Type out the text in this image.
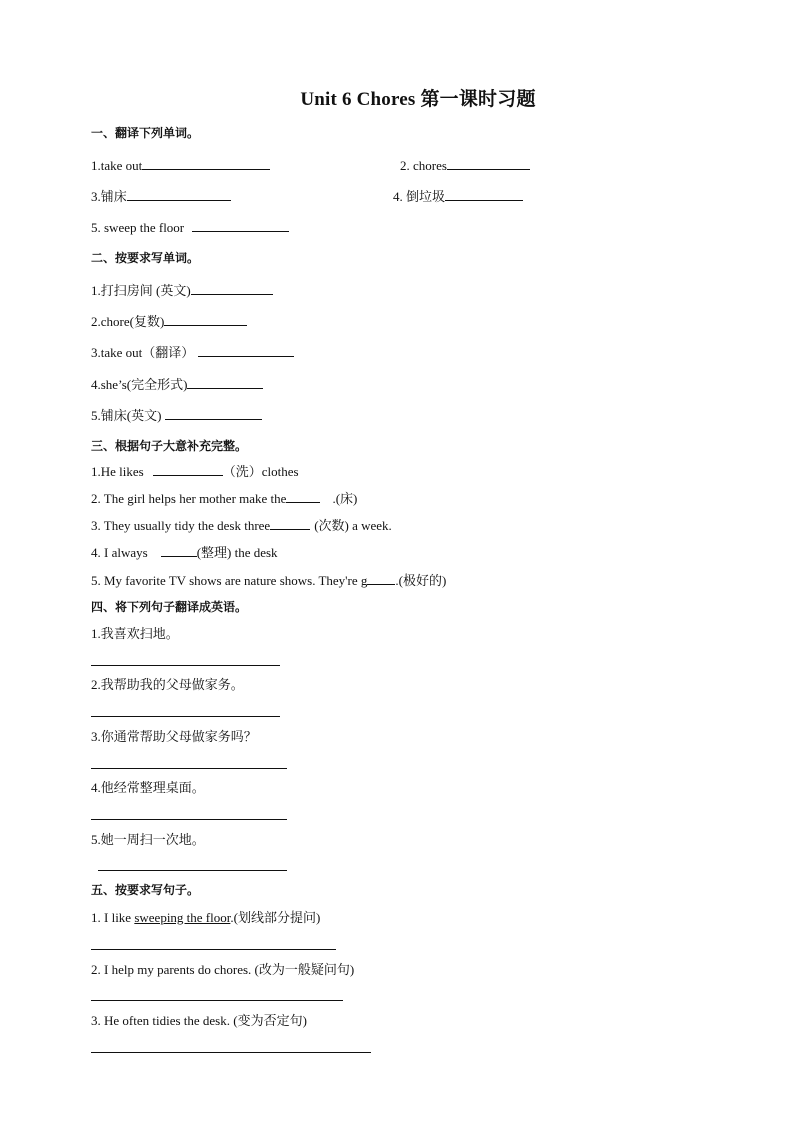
Unit 6 Chores 第一课时习题
一、翻译下列单词。
1.take out	2. chores
3.铺床	4. 倒垃圾
5. sweep the floor
二、按要求写单词。
1.打扫房间 (英文)
2.chore(复数)
3.take out（翻译）
4.she’s(完全形式)
5.铺床(英文)
三、根据句子大意补充完整。
1.He likes	（洗）clothes
2. The girl helps her mother make the	.(床)
3. They usually tidy the desk three	(次数) a week.
4. I always	(整理) the desk
5. My favorite TV shows are nature shows. They're g .(极好的)
四、将下列句子翻译成英语。
1.我喜欢扫地。
2.我帮助我的父母做家务。
3.你通常帮助父母做家务吗？
4.他经常整理桌面。
5.她一周扫一次地。
五、按要求写句子。
1. I like sweeping the floor.(划线部分提问)
2. I help my parents do chores. (改为一般疑问句)
3. He often tidies the desk. (变为否定句)
